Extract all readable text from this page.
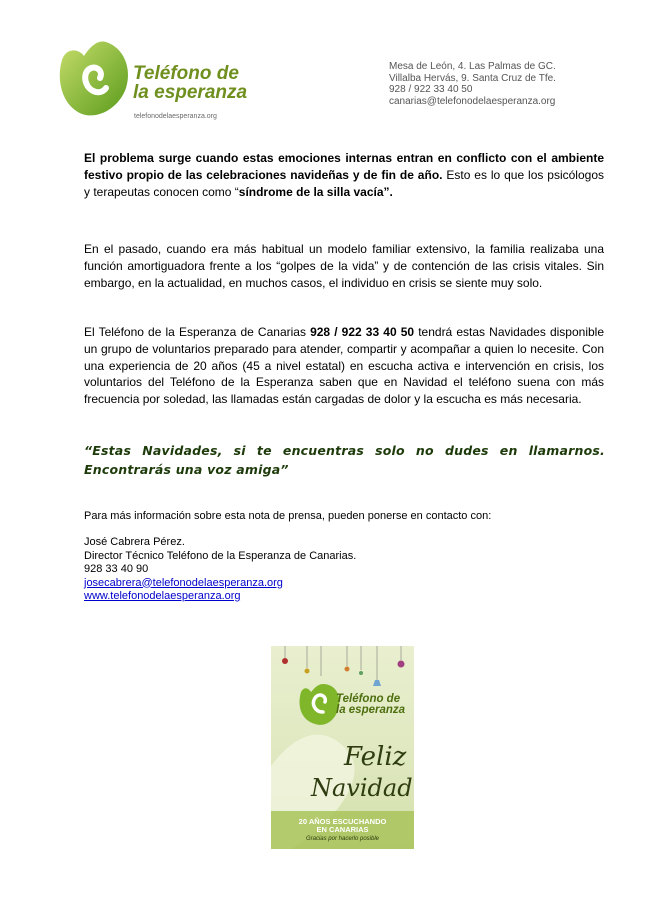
Teléfono de
la esperanza
telefonodelaesperanza.org
Mesa de León, 4. Las Palmas de GC.
Villalba Hervás, 9. Santa Cruz de Tfe.
928 / 922 33 40 50
canarias@telefonodelaesperanza.org
El problema surge cuando estas emociones internas entran en conflicto con el ambiente festivo propio de las celebraciones navideñas y de fin de año. Esto es lo que los psicólogos y terapeutas conocen como “síndrome de la silla vacía”.
En el pasado, cuando era más habitual un modelo familiar extensivo, la familia realizaba una función amortiguadora frente a los “golpes de la vida” y de contención de las crisis vitales. Sin embargo, en la actualidad, en muchos casos, el individuo en crisis se siente muy solo.
El Teléfono de la Esperanza de Canarias 928 / 922 33 40 50 tendrá estas Navidades disponible un grupo de voluntarios preparado para atender, compartir y acompañar a quien lo necesite. Con una experiencia de 20 años (45 a nivel estatal) en escucha activa e intervención en crisis, los voluntarios del Teléfono de la Esperanza saben que en Navidad el teléfono suena con más frecuencia por soledad, las llamadas están cargadas de dolor y la escucha es más necesaria.
“Estas Navidades, si te encuentras solo no dudes en llamarnos. Encontrarás una voz amiga”
Para más información sobre esta nota de prensa, pueden ponerse en contacto con:
José Cabrera Pérez.
Director Técnico Teléfono de la Esperanza de Canarias.
928 33 40 90
josecabrera@telefonodelaesperanza.org
www.telefonodelaesperanza.org
Teléfono de
la esperanza
Feliz
Navidad
20 AÑOS ESCUCHANDO
EN CANARIAS
Gracias por hacerlo posible
